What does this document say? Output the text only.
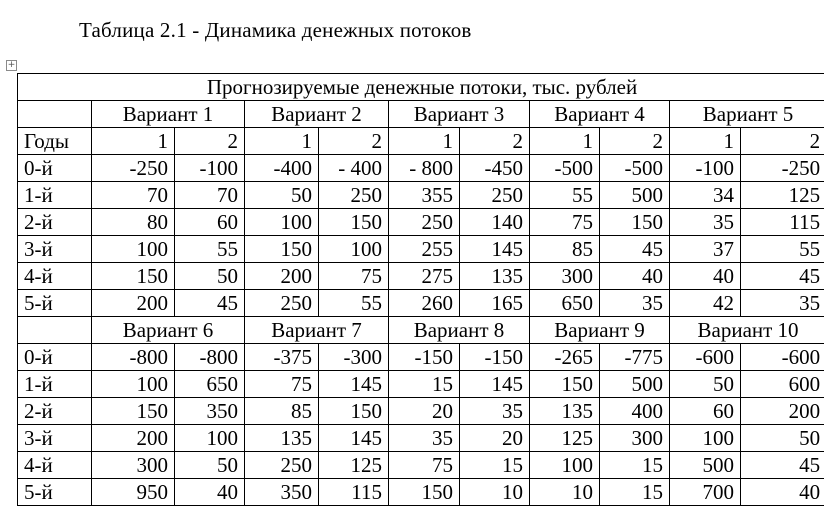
Таблица 2.1 - Динамика денежных потоков
+
Прогнозируемые денежные потоки, тыс. рублей										
	Вариант 1		Вариант 2		Вариант 3		Вариант 4		Вариант 5	
Годы	1	2	1	2	1	2	1	2	1	2
0-й	-250	-100	-400	- 400	- 800	-450	-500	-500	-100	-250
1-й	70	70	50	250	355	250	55	500	34	125
2-й	80	60	100	150	250	140	75	150	35	115
3-й	100	55	150	100	255	145	85	45	37	55
4-й	150	50	200	75	275	135	300	40	40	45
5-й	200	45	250	55	260	165	650	35	42	35
	Вариант 6		Вариант 7		Вариант 8		Вариант 9		Вариант 10	
0-й	-800	-800	-375	-300	-150	-150	-265	-775	-600	-600
1-й	100	650	75	145	15	145	150	500	50	600
2-й	150	350	85	150	20	35	135	400	60	200
3-й	200	100	135	145	35	20	125	300	100	50
4-й	300	50	250	125	75	15	100	15	500	45
5-й	950	40	350	115	150	10	10	15	700	40
